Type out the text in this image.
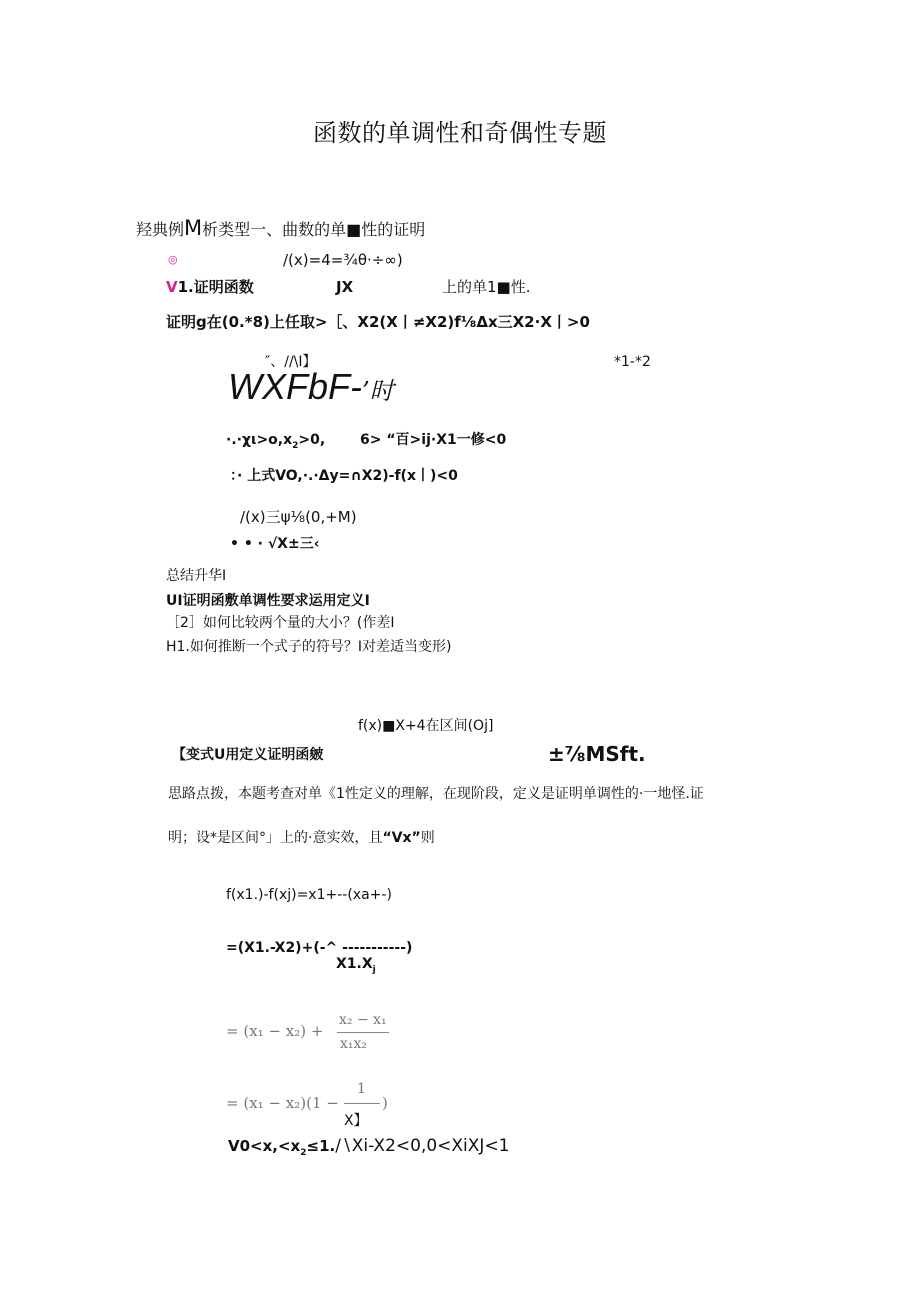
函数的单调性和奇偶性专题
羟典例M析类型一、曲数的单■性的证明
◎	/(x)=4=¾θ·÷∞)
V1.证明函数	JX	上的单1■性.
证明g在(0.*8)上任取>［、X2(X丨≠X2)f⅛Δx三X2·X丨>0
″、/∕\I】	*1-*2
WXFbF-’时
$\cdot.\cdot\chi\iota>o,x_2>0$, 6> “百>ij∙X1一修<0
：· 上式VO,∙.∙Δy=∩X2)-f(x丨)<0
/(x)三ψ⅛(0,+M)
• • · √X±三‹
总结升华I
UI证明函敷单调性要求运用定义I
［2］如何比较两个量的大小？(作差I
H1.如何推断一个式子的符号？I对差适当变形)
f(x)■X+4在区间(Oj]
【变式U用定义证明函皴	±⅞MSft.
思路点拨，本题考查对单《1性定义的理解，在现阶段，定义是证明单调性的·一地怪.证
明；设*是区间°」上的·意实效，且“Vx”则
f(x1.)-f(xj)=x1+--(xa+-)
=(X1.-X2)+(-^ -----------)
$X1.X_j$
= (x₁ − x₂) +
x₂ − x₁
x₁x₂
= (x₁ − x₂)(1 −
1
)
X】
$V0<x,<x_2\le 1.∕∖Xi-X2<0,0<XiXJ<1$
